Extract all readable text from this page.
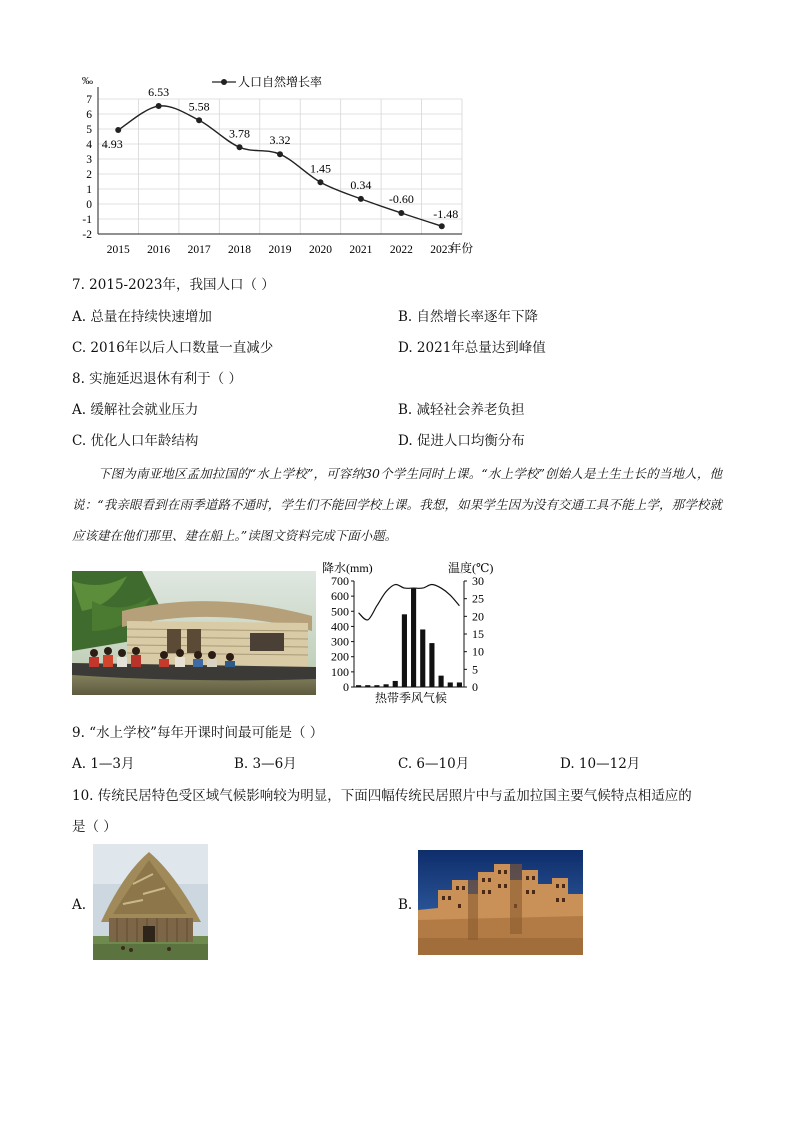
7
6
5
4
3
2
1
0
-1
-2
2015 2016 2017 2018 2019 2020 2021 2022 2023
4.93
6.53
5.58
3.78 3.32
1.45
0.34
-0.60
-1.48
人口自然增长率
‰
年份
7. 2015-2023年，我国人口（ ）
A. 总量在持续快速增加	B. 自然增长率逐年下降
C. 2016年以后人口数量一直减少	D. 2021年总量达到峰值
8. 实施延迟退休有利于（ ）
A. 缓解社会就业压力	B. 减轻社会养老负担
C. 优化人口年龄结构	D. 促进人口均衡分布
下图为南亚地区孟加拉国的“水上学校”，可容纳30个学生同时上课。“水上学校”创始人是土生土长的当地人，他说：“我亲眼看到在雨季道路不通时，学生们不能回学校上课。我想，如果学生因为没有交通工具不能上学，那学校就应该建在他们那里、建在船上。”读图文资料完成下面小题。
700
600
500
400
300
200
100
0
30
25
20
15
10
5
0
降水(mm)	温度(℃)
热带季风气候
9. “水上学校”每年开课时间最可能是（ ）
A. 1—3月	B. 3—6月	C. 6—10月	D. 10—12月
10. 传统民居特色受区域气候影响较为明显，下面四幅传统民居照片中与孟加拉国主要气候特点相适应的
是（ ）
A.	B.
